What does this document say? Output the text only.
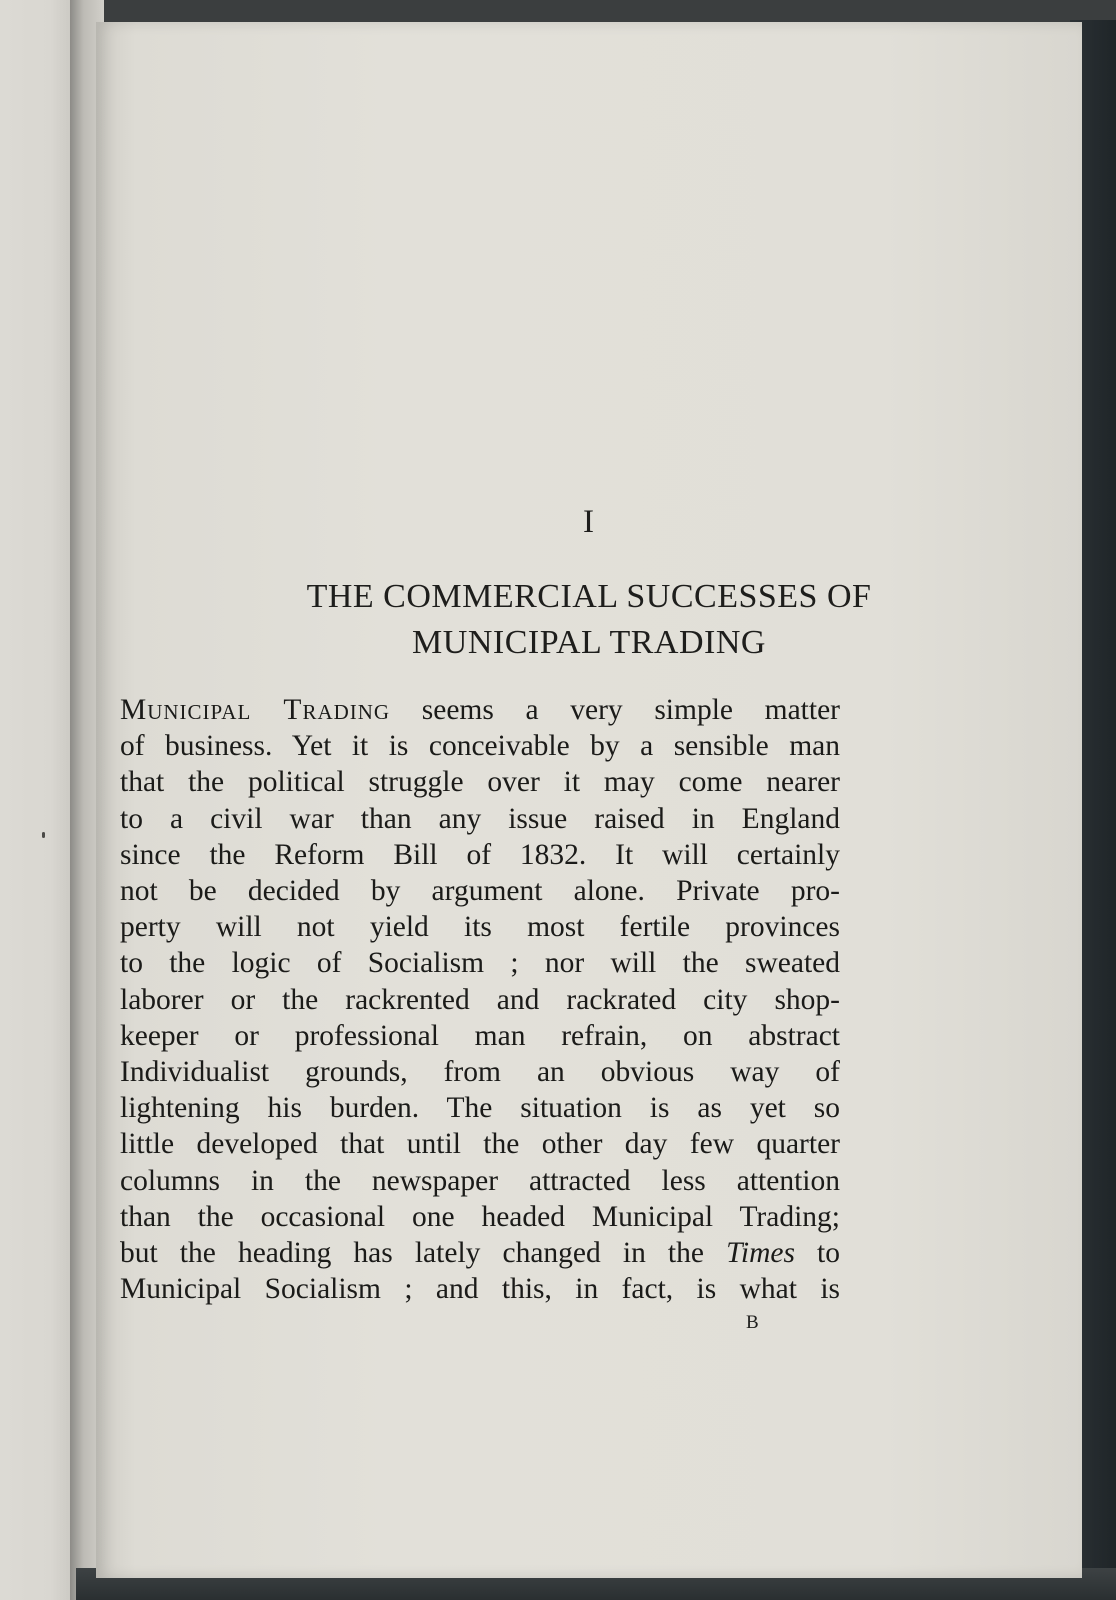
I
THE COMMERCIAL SUCCESSES OF
MUNICIPAL TRADING
Municipal Trading seems a very simple matter
of business. Yet it is conceivable by a sensible man
that the political struggle over it may come nearer
to a civil war than any issue raised in England
since the Reform Bill of 1832. It will certainly
not be decided by argument alone. Private pro-
perty will not yield its most fertile provinces
to the logic of Socialism ; nor will the sweated
laborer or the rackrented and rackrated city shop-
keeper or professional man refrain, on abstract
Individualist grounds, from an obvious way of
lightening his burden. The situation is as yet so
little developed that until the other day few quarter
columns in the newspaper attracted less attention
than the occasional one headed Municipal Trading;
but the heading has lately changed in the Times to
Municipal Socialism ; and this, in fact, is what is
B
